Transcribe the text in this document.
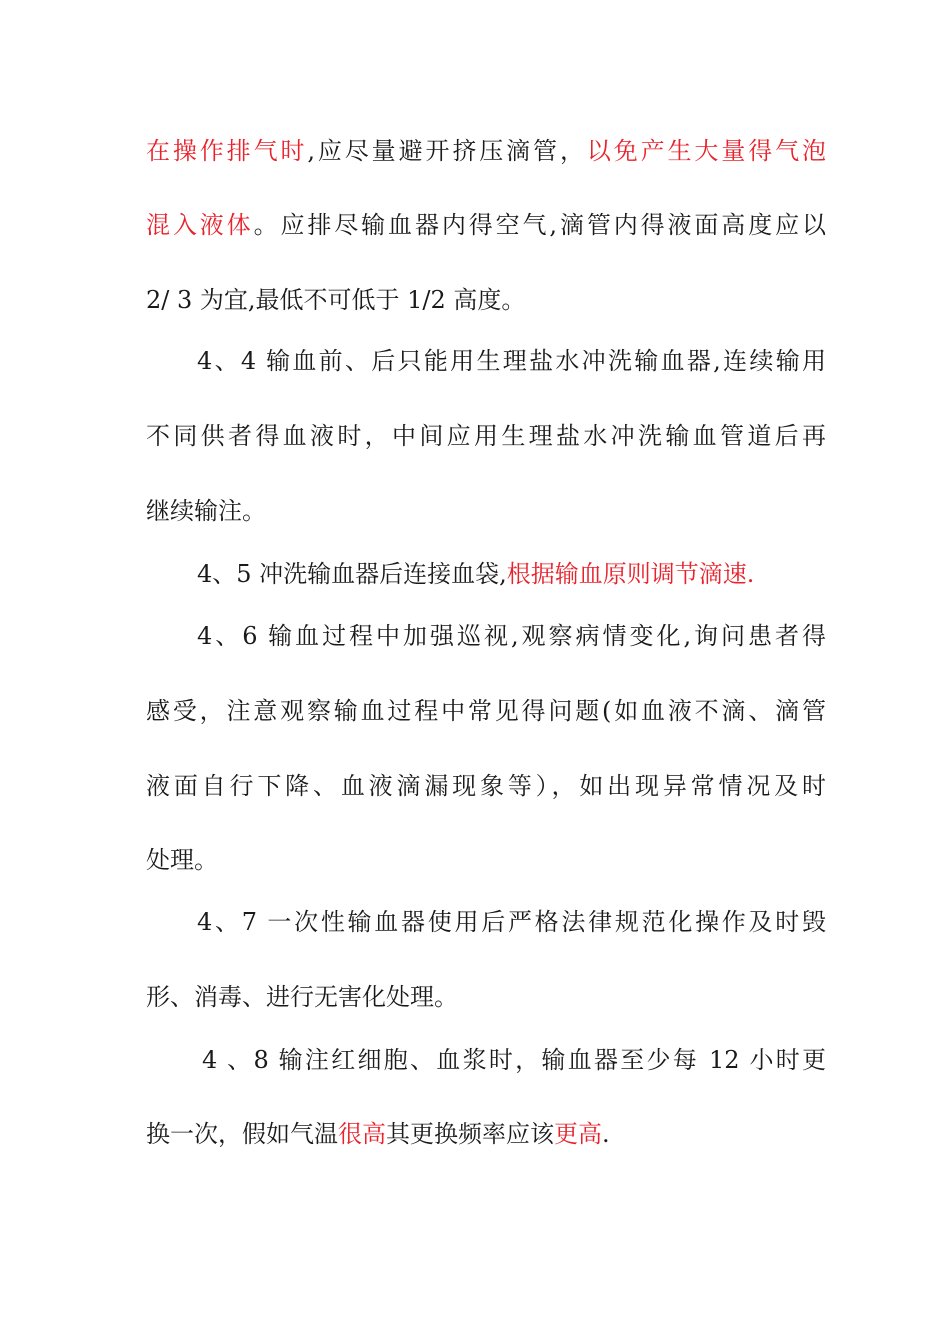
在操作排气时,应尽量避开挤压滴管，以免产生大量得气泡
混入液体。应排尽输血器内得空气,滴管内得液面高度应以
2/ 3 为宜,最低不可低于 1/2 高度。
4、4 输血前、后只能用生理盐水冲洗输血器,连续输用
不同供者得血液时，中间应用生理盐水冲洗输血管道后再
继续输注。
4、5 冲洗输血器后连接血袋,根据输血原则调节滴速.
4、6 输血过程中加强巡视,观察病情变化,询问患者得
感受，注意观察输血过程中常见得问题(如血液不滴、滴管
液面自行下降、血液滴漏现象等），如出现异常情况及时
处理。
4、7 一次性输血器使用后严格法律规范化操作及时毁
形、消毒、进行无害化处理。
4 、8 输注红细胞、血浆时，输血器至少每 12 小时更
换一次，假如气温很高其更换频率应该更高.
